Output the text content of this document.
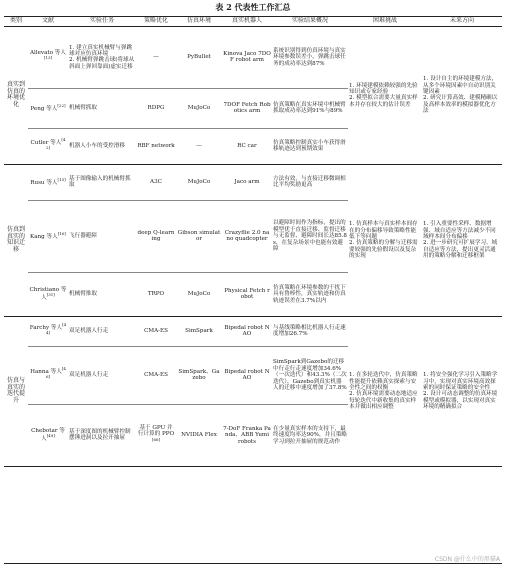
表 2 代表性工作汇总
类别	文献	实验任务	策略优化	仿真环境	真实机器人	实验结果概况	困难挑战	未来方向
真实到仿真的环境优化	Allevato 等人[13]	1. 建立真实机械臂与弹跳球对应仿真环境
2. 机械臂弹跳击球(将球从斜面上弹回靠面)虚实迁移	—	PyBullet	Kinova Jaco 7DOF robot arm	系统识别得到仿真环境与真实环境参数误差小，弹跳击球任务的成功率达到87%	1. 环境建模依赖较强的先验知识或专家经验
2. 模型拟合需要大量真实样本并存在较大的估计误差	1. 设计自主的环境建模方法，从多个环境因素中自动识别关键因素
2. 研究计算高效、建模精确以及高样本效率的模拟器优化方法
	Peng 等人[22]	机械臂抓取	RDPG	MuJoCo	7DOF Fetch Robotics arm	仿真策略在真实环境中机械臂抓取成功率达到91%与89%		
	Cutler 等人[42]	机器人小车的受控滑移	RBF network	—	RC car	仿真策略控制真实小车获得滑移轨迹达到预期效果		
仿真到真实的知识迁移	Rusu 等人[15]	基于图像输入的机械臂抓取	A3C	MuJoCo	Jaco arm	方法有效，与直接迁移微调相比平均奖励更高	1. 仿真样本与真实样本间存在的分布偏移导致策略性能低下等问题
2. 仿真策略的分解与迁移需要较强的先验假设以及复杂的实现	1. 引入重要性采样、数据增强、域自适应等方法减少不同域样本间分布偏移
2. 进一步研究可扩展学习、域自适应等方法，提出更灵活通用的策略分解和迁移框架
	Kang 等人[16]	飞行器避障	deep Q-learning	Gibson simulator	Crazyflie 2.0 nano quadcopter	以避障时间作为指标，提出的模型优于直接迁移、监督迁移与无监督、避障时间长达85.8 s，在复杂场景中也能有效避障		
	Christiano 等人[31]	机械臂推取	TRPO	MuJoCo	Physical Fetch robot	仿真策略在环境参数的干扰下具有鲁棒性，真实轨迹和仿真轨迹误差在3.7%以内		
仿真与真实的迭代提升	Farchy 等人[44]	双足机器人行走	CMA-ES	SimSpark	Bipedal robot NAO	与基线策略相比机器人行走速度增加26.7%	1. 在多轮迭代中，仿真策略性能提升依赖真实探索与安全性之间的权衡
2. 仿真环境需要动态地适应每轮迭代中新收集的真实样本并做出相应调整	1. 将安全强化学习引入策略学习中，实现对真实环境高效探索的同时保证策略的安全性
2. 设计可动态调整的仿真环境模型或模拟器，以实现对真实环境的精确拟合
	Hanna 等人[46]	双足机器人行走	CMA-ES	SimSpark、Gazebo	Bipedal robot NAO	SimSpark到Gazebo的迁移中行走行走速度增加34.6%（一次迭代）和43.3%（二次迭代），Gazebo到真实机器人的迁移中速度增加了37.8%		
	Chebotar 等人[49]	基于深度图的机械臂控制摆锤进洞以及拉开抽屉	基于 GPU 并行计算的 PPO[66]	NVIDIA Flex	7-DoF Franka Panda、ABB Yumi robots	在少量真实样本的支持下，最终速度均率达90%，并且策略学习到拉开抽屉的规范动作		
CSDN @什么中的黑猫A
